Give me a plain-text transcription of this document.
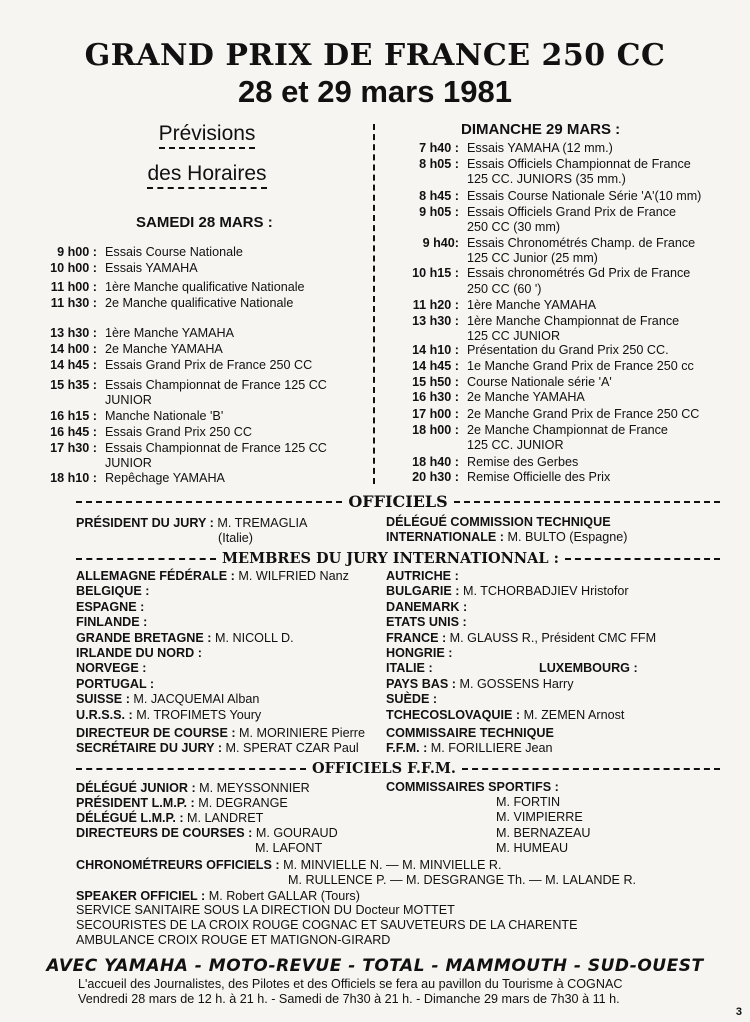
GRAND PRIX DE FRANCE 250 CC
28 et 29 mars 1981
Prévisions
des Horaires
SAMEDI 28 MARS :
9 h00 : Essais Course Nationale
10 h00 : Essais YAMAHA
11 h00 : 1ère Manche qualificative Nationale
11 h30 : 2e Manche qualificative Nationale
13 h30 : 1ère Manche YAMAHA
14 h00 : 2e Manche YAMAHA
14 h45 : Essais Grand Prix de France 250 CC
15 h35 : Essais Championnat de France 125 CC
JUNIOR
16 h15 : Manche Nationale 'B'
16 h45 : Essais Grand Prix 250 CC
17 h30 : Essais Championnat de France 125 CC
JUNIOR
18 h10 : Repêchage YAMAHA
DIMANCHE 29 MARS :
7 h40 : Essais YAMAHA (12 mm.)
8 h05 : Essais Officiels Championnat de France
125 CC. JUNIORS (35 mm.)
8 h45 : Essais Course Nationale Série 'A'(10 mm)
9 h05 : Essais Officiels Grand Prix de France
250 CC (30 mm)
9 h40: Essais Chronométrés Champ. de France
125 CC Junior (25 mm)
10 h15 : Essais chronométrés Gd Prix de France
250 CC (60 ')
11 h20 : 1ère Manche YAMAHA
13 h30 : 1ère Manche Championnat de France
125 CC JUNIOR
14 h10 : Présentation du Grand Prix 250 CC.
14 h45 : 1e Manche Grand Prix de France 250 cc
15 h50 : Course Nationale série 'A'
16 h30 : 2e Manche YAMAHA
17 h00 : 2e Manche Grand Prix de France 250 CC
18 h00 : 2e Manche Championnat de France
125 CC. JUNIOR
18 h40 : Remise des Gerbes
20 h30 : Remise Officielle des Prix
OFFICIELS
PRÉSIDENT DU JURY : M. TREMAGLIA
(Italie)
DÉLÉGUÉ COMMISSION TECHNIQUE
INTERNATIONALE : M. BULTO (Espagne)
MEMBRES DU JURY INTERNATIONNAL :
ALLEMAGNE FÉDÉRALE : M. WILFRIED Nanz
BELGIQUE :
ESPAGNE :
FINLANDE :
GRANDE BRETAGNE : M. NICOLL D.
IRLANDE DU NORD :
NORVEGE :
PORTUGAL :
SUISSE : M. JACQUEMAI Alban
U.R.S.S. : M. TROFIMETS Youry
AUTRICHE :
BULGARIE : M. TCHORBADJIEV Hristofor
DANEMARK :
ETATS UNIS :
FRANCE : M. GLAUSS R., Président CMC FFM
HONGRIE :
ITALIE :
PAYS BAS : M. GOSSENS Harry
SUÈDE :
TCHECOSLOVAQUIE : M. ZEMEN Arnost
LUXEMBOURG :
DIRECTEUR DE COURSE : M. MORINIERE Pierre
SECRÉTAIRE DU JURY : M. SPERAT CZAR Paul
COMMISSAIRE TECHNIQUE
F.F.M. : M. FORILLIERE Jean
OFFICIELS F.F.M.
DÉLÉGUÉ JUNIOR : M. MEYSSONNIER
PRÉSIDENT L.M.P. : M. DEGRANGE
DÉLÉGUÉ L.M.P. : M. LANDRET
DIRECTEURS DE COURSES : M. GOURAUD
M. LAFONT
COMMISSAIRES SPORTIFS :
M. FORTIN
M. VIMPIERRE
M. BERNAZEAU
M. HUMEAU
CHRONOMÉTREURS OFFICIELS : M. MINVIELLE N. — M. MINVIELLE R.
M. RULLENCE P. — M. DESGRANGE Th. — M. LALANDE R.
SPEAKER OFFICIEL : M. Robert GALLAR (Tours)
SERVICE SANITAIRE SOUS LA DIRECTION DU Docteur MOTTET
SECOURISTES DE LA CROIX ROUGE COGNAC ET SAUVETEURS DE LA CHARENTE
AMBULANCE CROIX ROUGE ET MATIGNON-GIRARD
AVEC YAMAHA - MOTO-REVUE - TOTAL - MAMMOUTH - SUD-OUEST
L'accueil des Journalistes, des Pilotes et des Officiels se fera au pavillon du Tourisme à COGNAC
Vendredi 28 mars de 12 h. à 21 h. - Samedi de 7h30 à 21 h. - Dimanche 29 mars de 7h30 à 11 h.
3
